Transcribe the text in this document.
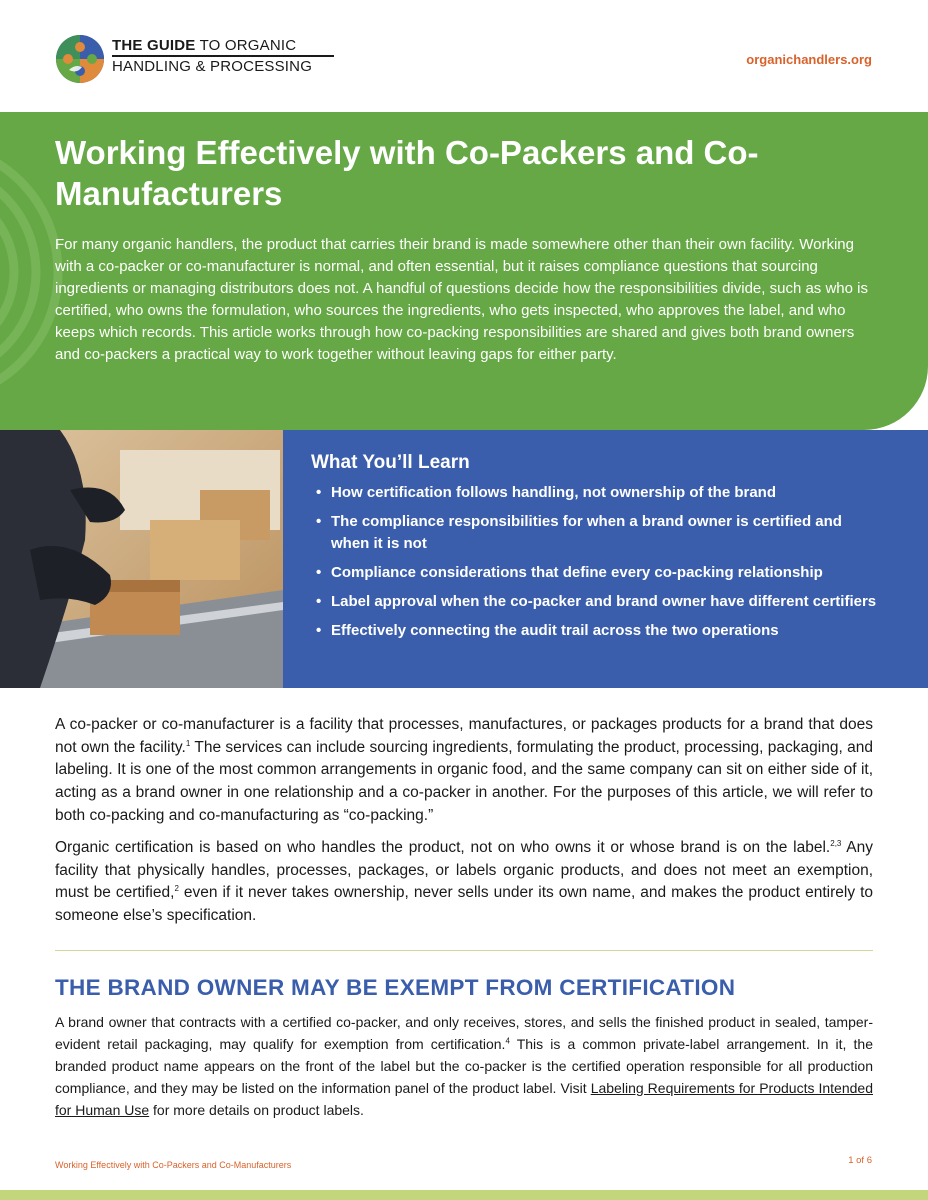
THE GUIDE TO ORGANIC
HANDLING & PROCESSING	organichandlers.org
Working Effectively with Co-Packers and Co-Manufacturers

For many organic handlers, the product that carries their brand is made somewhere other than their own facility. Working with a co-packer or co-manufacturer is normal, and often essential, but it raises compliance questions that sourcing ingredients or managing distributors does not. A handful of questions decide how the responsibilities divide, such as who is certified, who owns the formulation, who sources the ingredients, who gets inspected, who approves the label, and who keeps which records. This article works through how co-packing responsibilities are shared and gives both brand owners and co-packers a practical way to work together without leaving gaps for either party.

What You’ll Learn
• How certification follows handling, not ownership of the brand
• The compliance responsibilities for when a brand owner is certified and when it is not
• Compliance considerations that define every co-packing relationship
• Label approval when the co-packer and brand owner have different certifiers
• Effectively connecting the audit trail across the two operations

A co-packer or co-manufacturer is a facility that processes, manufactures, or packages products for a brand that does not own the facility.$^1$ The services can include sourcing ingredients, formulating the product, processing, packaging, and labeling. It is one of the most common arrangements in organic food, and the same company can sit on either side of it, acting as a brand owner in one relationship and a co-packer in another. For the purposes of this article, we will refer to both co-packing and co-manufacturing as “co-packing.”

Organic certification is based on who handles the product, not on who owns it or whose brand is on the label.$^{2,3}$ Any facility that physically handles, processes, packages, or labels organic products, and does not meet an exemption, must be certified,$^2$ even if it never takes ownership, never sells under its own name, and makes the product entirely to someone else’s specification.

THE BRAND OWNER MAY BE EXEMPT FROM CERTIFICATION

A brand owner that contracts with a certified co-packer, and only receives, stores, and sells the finished product in sealed, tamper-evident retail packaging, may qualify for exemption from certification.$^4$ This is a common private-label arrangement. In it, the branded product name appears on the front of the label but the co-packer is the certified operation responsible for all production compliance, and they may be listed on the information panel of the product label. Visit Labeling Requirements for Products Intended for Human Use for more details on product labels.

Working Effectively with Co-Packers and Co-Manufacturers	1 of 6
